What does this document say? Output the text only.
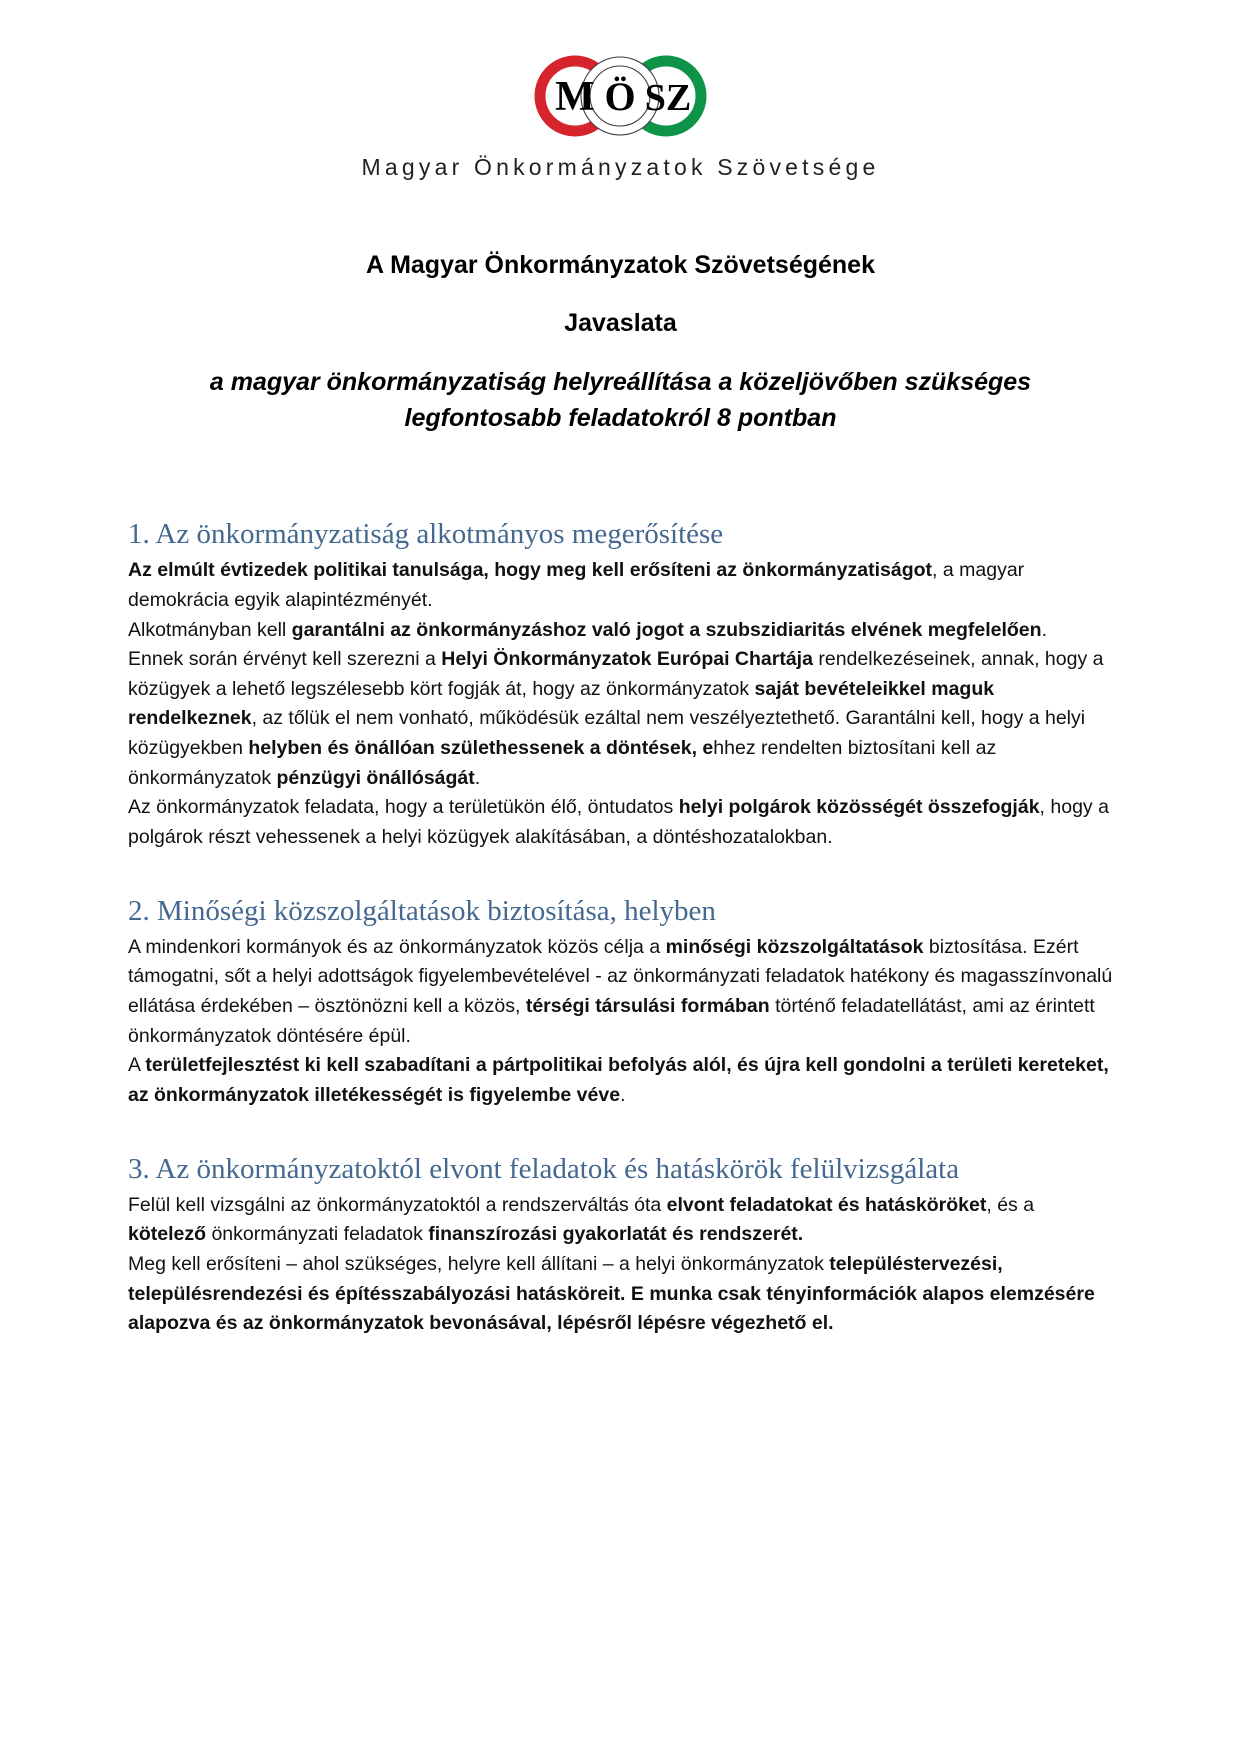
M Ö SZ
Magyar Önkormányzatok Szövetsége
A Magyar Önkormányzatok Szövetségének
Javaslata
a magyar önkormányzatiság helyreállítása a közeljövőben szükséges legfontosabb feladatokról 8 pontban
1. Az önkormányzatiság alkotmányos megerősítése

Az elmúlt évtizedek politikai tanulsága, hogy meg kell erősíteni az önkormányzatiságot, a magyar demokrácia egyik alapintézményét.

Alkotmányban kell garantálni az önkormányzáshoz való jogot a szubszidiaritás elvének megfelelően.

Ennek során érvényt kell szerezni a Helyi Önkormányzatok Európai Chartája rendelkezéseinek, annak, hogy a közügyek a lehető legszélesebb kört fogják át, hogy az önkormányzatok saját bevételeikkel maguk rendelkeznek, az tőlük el nem vonható, működésük ezáltal nem veszélyeztethető. Garantálni kell, hogy a helyi közügyekben helyben és önállóan születhessenek a döntések, ehhez rendelten biztosítani kell az önkormányzatok pénzügyi önállóságát.

Az önkormányzatok feladata, hogy a területükön élő, öntudatos helyi polgárok közösségét összefogják, hogy a polgárok részt vehessenek a helyi közügyek alakításában, a döntéshozatalokban.

2. Minőségi közszolgáltatások biztosítása, helyben

A mindenkori kormányok és az önkormányzatok közös célja a minőségi közszolgáltatások biztosítása. Ezért támogatni, sőt a helyi adottságok figyelembevételével - az önkormányzati feladatok hatékony és magasszínvonalú ellátása érdekében – ösztönözni kell a közös, térségi társulási formában történő feladatellátást, ami az érintett önkormányzatok döntésére épül.

A területfejlesztést ki kell szabadítani a pártpolitikai befolyás alól, és újra kell gondolni a területi kereteket, az önkormányzatok illetékességét is figyelembe véve.

3. Az önkormányzatoktól elvont feladatok és hatáskörök felülvizsgálata

Felül kell vizsgálni az önkormányzatoktól a rendszerváltás óta elvont feladatokat és hatásköröket, és a kötelező önkormányzati feladatok finanszírozási gyakorlatát és rendszerét.

Meg kell erősíteni – ahol szükséges, helyre kell állítani – a helyi önkormányzatok településtervezési, településrendezési és építésszabályozási hatásköreit. E munka csak tényinformációk alapos elemzésére alapozva és az önkormányzatok bevonásával, lépésről lépésre végezhető el.
